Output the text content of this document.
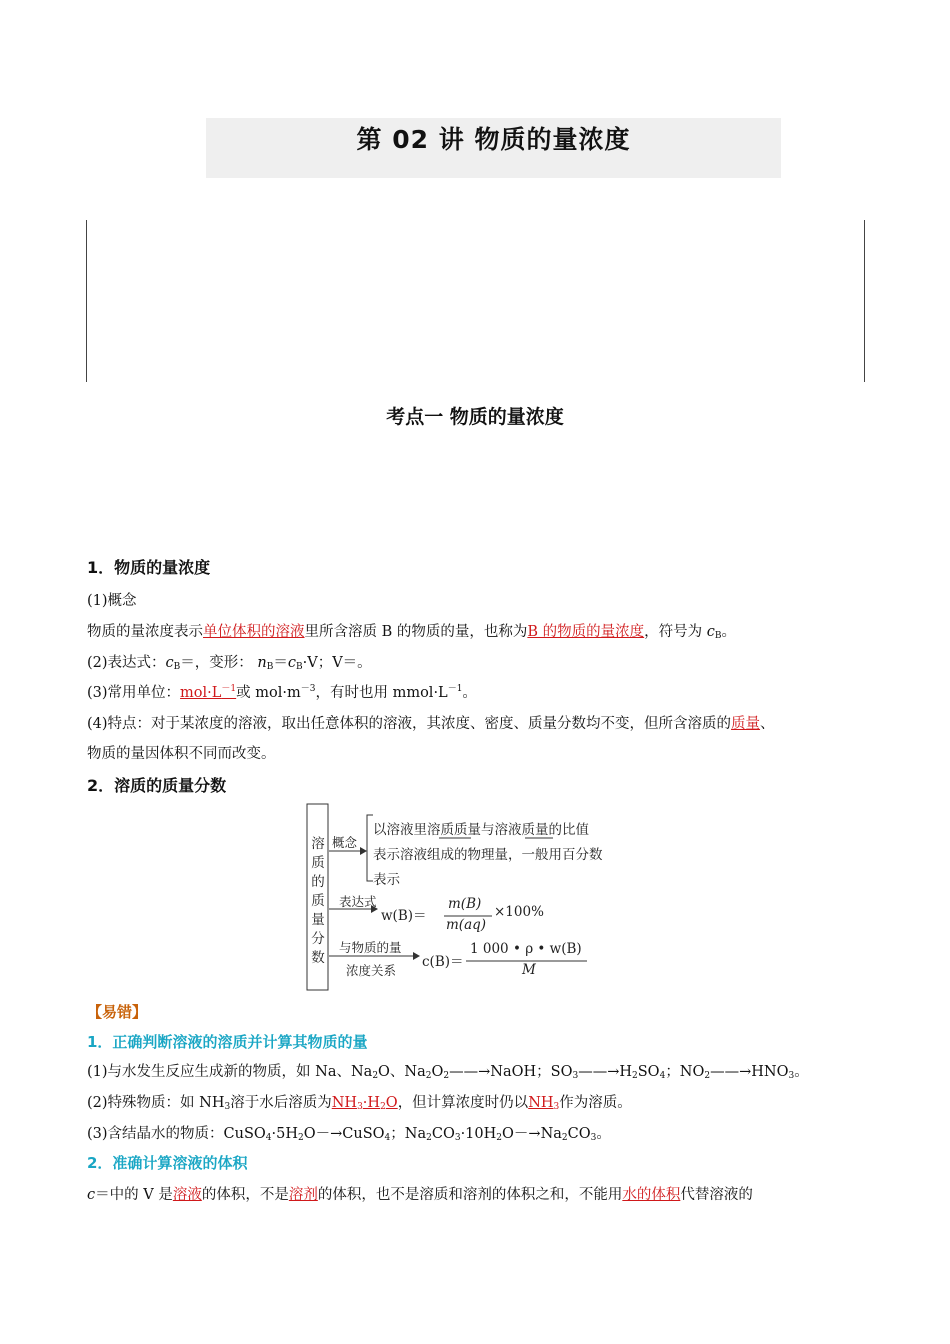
第 02 讲 物质的量浓度
考点一 物质的量浓度
1．物质的量浓度
(1)概念
物质的量浓度表示单位体积的溶液里所含溶质 B 的物质的量，也称为B 的物质的量浓度，符号为 $c_B$。
(2)表达式：$c_B=$，变形： $n_B=c_B\cdot V$；V＝。
(3)常用单位：$mol\cdot L^{-1}$或 $mol\cdot m^{-3}$，有时也用 $mmol\cdot L^{-1}$。
(4)特点：对于某浓度的溶液，取出任意体积的溶液，其浓度、密度、质量分数均不变，但所含溶质的质量、
物质的量因体积不同而改变。
2．溶质的质量分数
溶
质
的
质
量
分
数
概念
以溶液里溶质质量与溶液质量的比值
表示溶液组成的物理量，一般用百分数
表示
表达式
w(B)＝
m(B)
m(aq)
×100%
与物质的量
浓度关系
c(B)＝
1 000 • ρ • w(B)
M
【易错】
1．正确判断溶液的溶质并计算其物质的量
(1)与水发生反应生成新的物质，如 Na、$Na_2O$、$Na_2O_2——\to NaOH$；$SO_3——\to H_2SO_4$；$NO_2——\to HNO_3$。
(2)特殊物质：如 $NH_3$溶于水后溶质为$NH_3\cdot H_2O$，但计算浓度时仍以$NH_3$作为溶质。
(3)含结晶水的物质：$CuSO_4\cdot 5H_2O-\to CuSO_4$；$Na_2CO_3\cdot 10H_2O-\to Na_2CO_3$。
2．准确计算溶液的体积
c＝中的 V 是溶液的体积，不是溶剂的体积，也不是溶质和溶剂的体积之和，不能用水的体积代替溶液的
